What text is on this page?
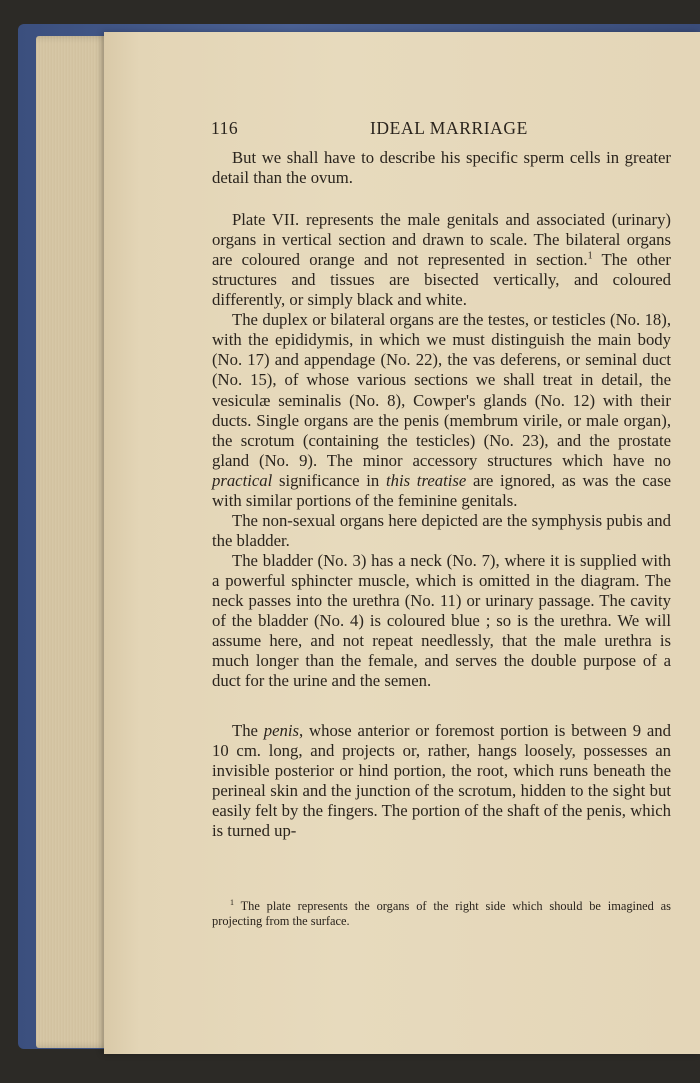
116	IDEAL MARRIAGE

But we shall have to describe his specific sperm cells in greater detail than the ovum.

Plate VII. represents the male genitals and associated (urinary) organs in vertical section and drawn to scale. The bilateral organs are coloured orange and not represented in section.$^1$ The other structures and tissues are bisected vertically, and coloured differently, or simply black and white.

The duplex or bilateral organs are the testes, or testicles (No. 18), with the epididymis, in which we must distinguish the main body (No. 17) and appendage (No. 22), the vas deferens, or seminal duct (No. 15), of whose various sections we shall treat in detail, the vesiculæ seminalis (No. 8), Cowper's glands (No. 12) with their ducts. Single organs are the penis (membrum virile, or male organ), the scrotum (containing the testicles) (No. 23), and the prostate gland (No. 9). The minor accessory structures which have no practical significance in this treatise are ignored, as was the case with similar portions of the feminine genitals.

The non-sexual organs here depicted are the symphysis pubis and the bladder.

The bladder (No. 3) has a neck (No. 7), where it is supplied with a powerful sphincter muscle, which is omitted in the diagram. The neck passes into the urethra (No. 11) or urinary passage. The cavity of the bladder (No. 4) is coloured blue ; so is the urethra. We will assume here, and not repeat needlessly, that the male urethra is much longer than the female, and serves the double purpose of a duct for the urine and the semen.

The penis, whose anterior or foremost portion is between 9 and 10 cm. long, and projects or, rather, hangs loosely, possesses an invisible posterior or hind portion, the root, which runs beneath the perineal skin and the junction of the scrotum, hidden to the sight but easily felt by the fingers. The portion of the shaft of the penis, which is turned up-

$^1$ The plate represents the organs of the right side which should be imagined as projecting from the surface.
